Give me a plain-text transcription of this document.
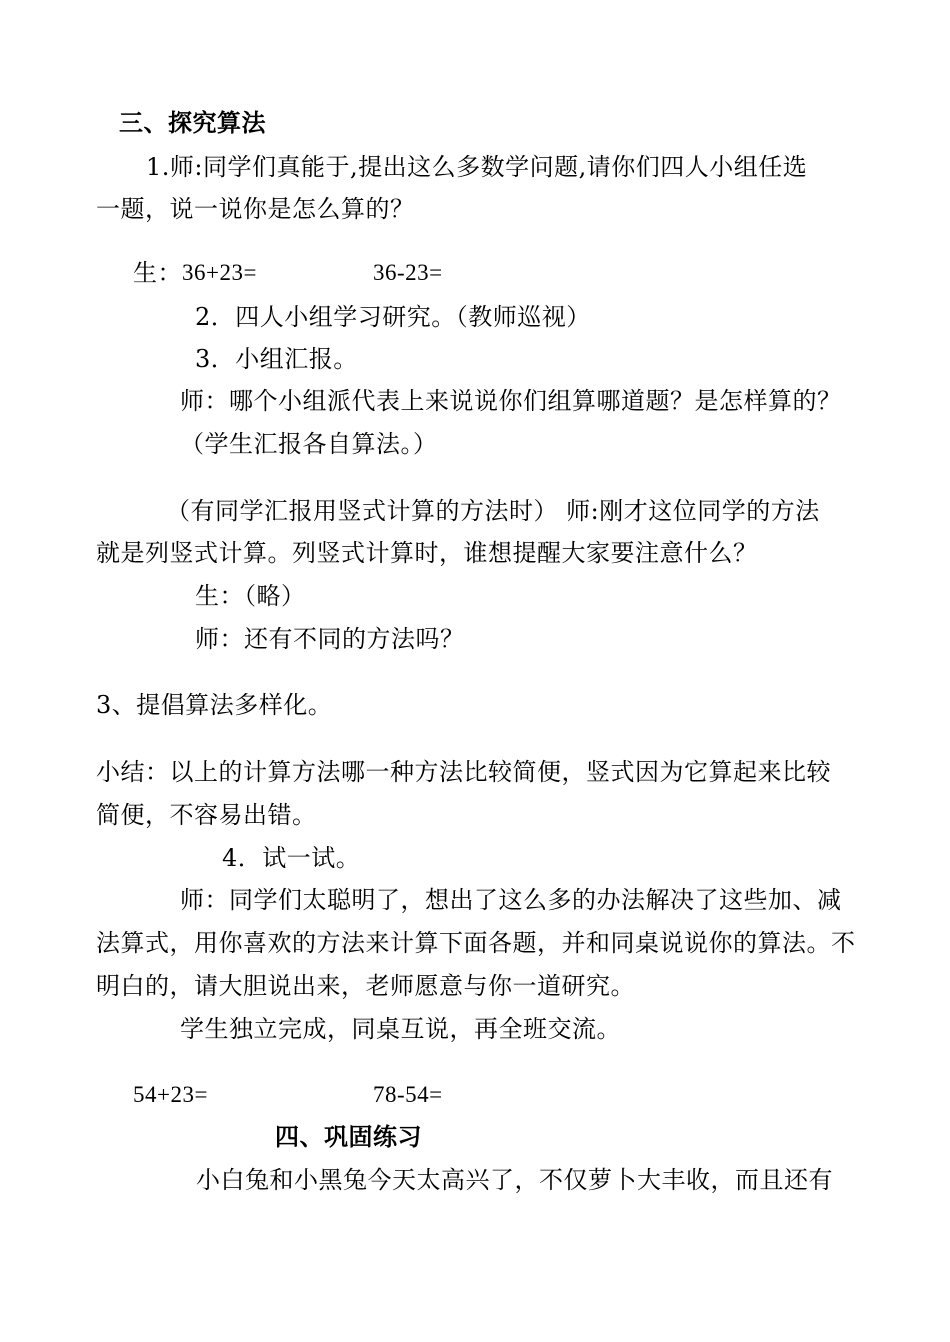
三、探究算法
1.师:同学们真能于,提出这么多数学问题,请你们四人小组任选
一题，说一说你是怎么算的？
生： 36+23=	36-23=
2．四人小组学习研究。（教师巡视）
3．小组汇报。
师：哪个小组派代表上来说说你们组算哪道题？是怎样算的？
（学生汇报各自算法。）
（有同学汇报用竖式计算的方法时） 师:刚才这位同学的方法
就是列竖式计算。列竖式计算时，谁想提醒大家要注意什么？
生：（略）
师：还有不同的方法吗？
3、提倡算法多样化。
小结：以上的计算方法哪一种方法比较简便，竖式因为它算起来比较
简便，不容易出错。
4．试一试。
师：同学们太聪明了，想出了这么多的办法解决了这些加、减
法算式，用你喜欢的方法来计算下面各题，并和同桌说说你的算法。不
明白的，请大胆说出来，老师愿意与你一道研究。
学生独立完成，同桌互说，再全班交流。
54+23=	78-54=
四、巩固练习
小白兔和小黑兔今天太高兴了，不仅萝卜大丰收，而且还有
